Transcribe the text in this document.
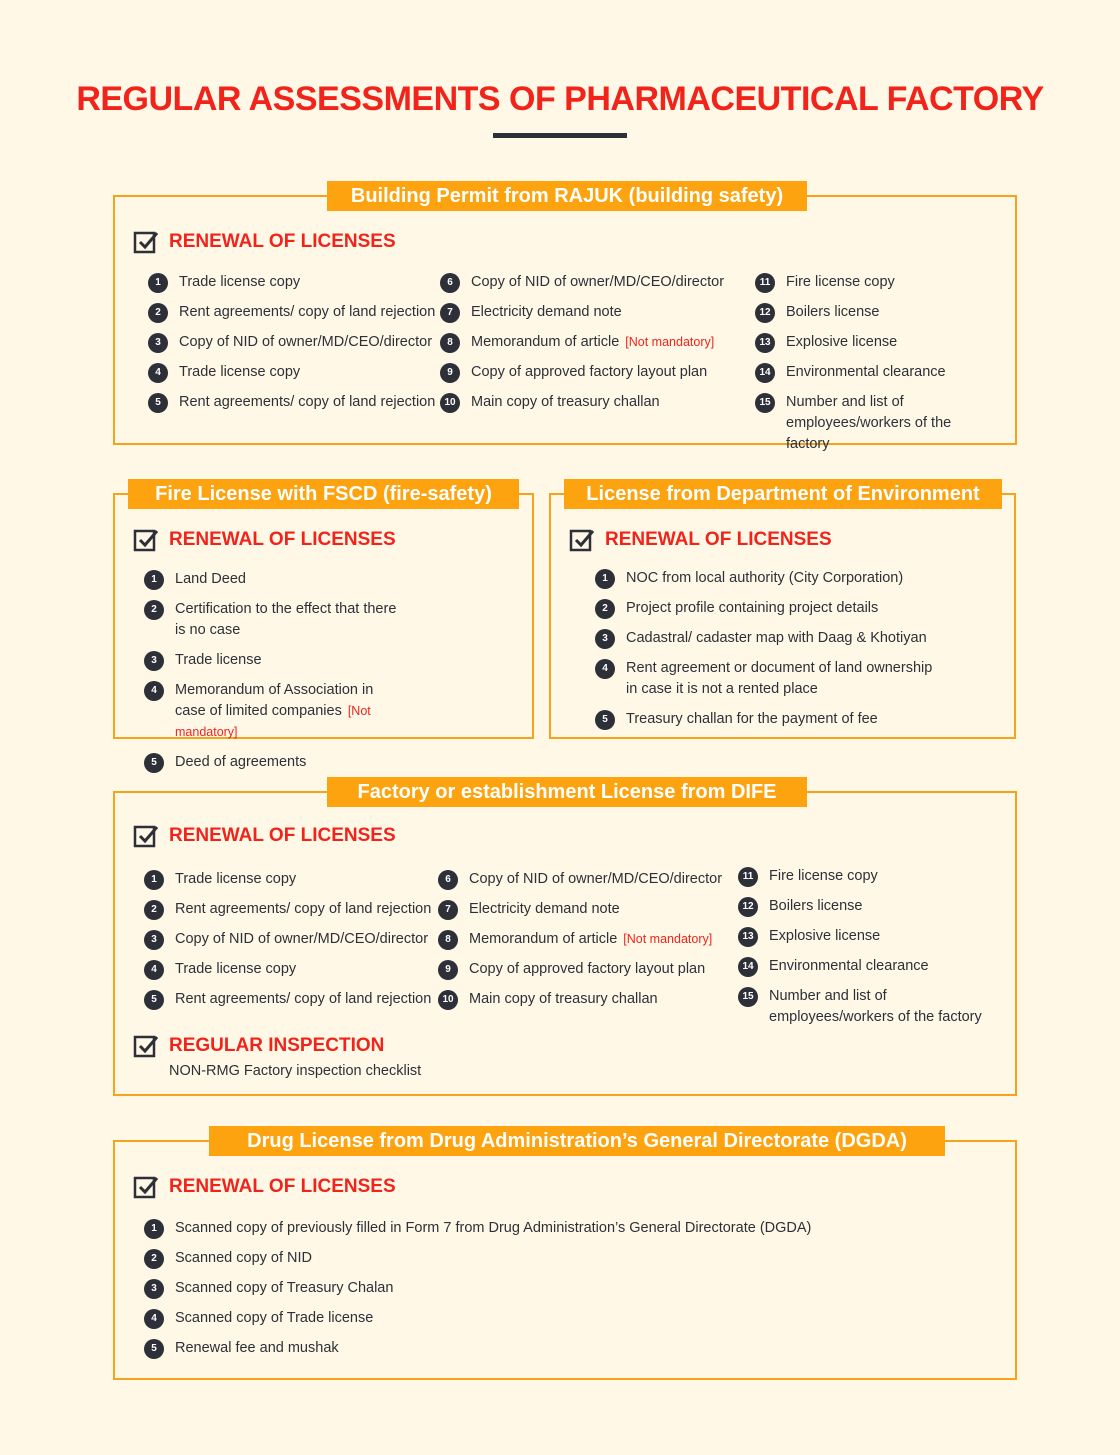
REGULAR ASSESSMENTS OF PHARMACEUTICAL FACTORY
Building Permit from RAJUK (building safety)
RENEWAL OF LICENSES
1	Trade license copy
2	Rent agreements/ copy of land rejection
3	Copy of NID of owner/MD/CEO/director
4	Trade license copy
5	Rent agreements/ copy of land rejection
6	Copy of NID of owner/MD/CEO/director
7	Electricity demand note
8	Memorandum of article [Not mandatory]
9	Copy of approved factory layout plan
10	Main copy of treasury challan
11	Fire license copy
12	Boilers license
13	Explosive license
14	Environmental clearance
15	Number and list of employees/workers of the factory
Fire License with FSCD (fire-safety)
RENEWAL OF LICENSES
1	Land Deed
2	Certification to the effect that there is no case
3	Trade license
4	Memorandum of Association in case of limited companies [Not mandatory]
5	Deed of agreements
License from Department of Environment
RENEWAL OF LICENSES
1	NOC from local authority (City Corporation)
2	Project profile containing project details
3	Cadastral/ cadaster map with Daag & Khotiyan
4	Rent agreement or document of land ownership in case it is not a rented place
5	Treasury challan for the payment of fee
Factory or establishment License from DIFE
RENEWAL OF LICENSES
1	Trade license copy
2	Rent agreements/ copy of land rejection
3	Copy of NID of owner/MD/CEO/director
4	Trade license copy
5	Rent agreements/ copy of land rejection
6	Copy of NID of owner/MD/CEO/director
7	Electricity demand note
8	Memorandum of article [Not mandatory]
9	Copy of approved factory layout plan
10	Main copy of treasury challan
11	Fire license copy
12	Boilers license
13	Explosive license
14	Environmental clearance
15	Number and list of employees/workers of the factory
REGULAR INSPECTION
NON-RMG Factory inspection checklist
Drug License from Drug Administration’s General Directorate (DGDA)
RENEWAL OF LICENSES
1	Scanned copy of previously filled in Form 7 from Drug Administration’s General Directorate (DGDA)
2	Scanned copy of NID
3	Scanned copy of Treasury Chalan
4	Scanned copy of Trade license
5	Renewal fee and mushak
